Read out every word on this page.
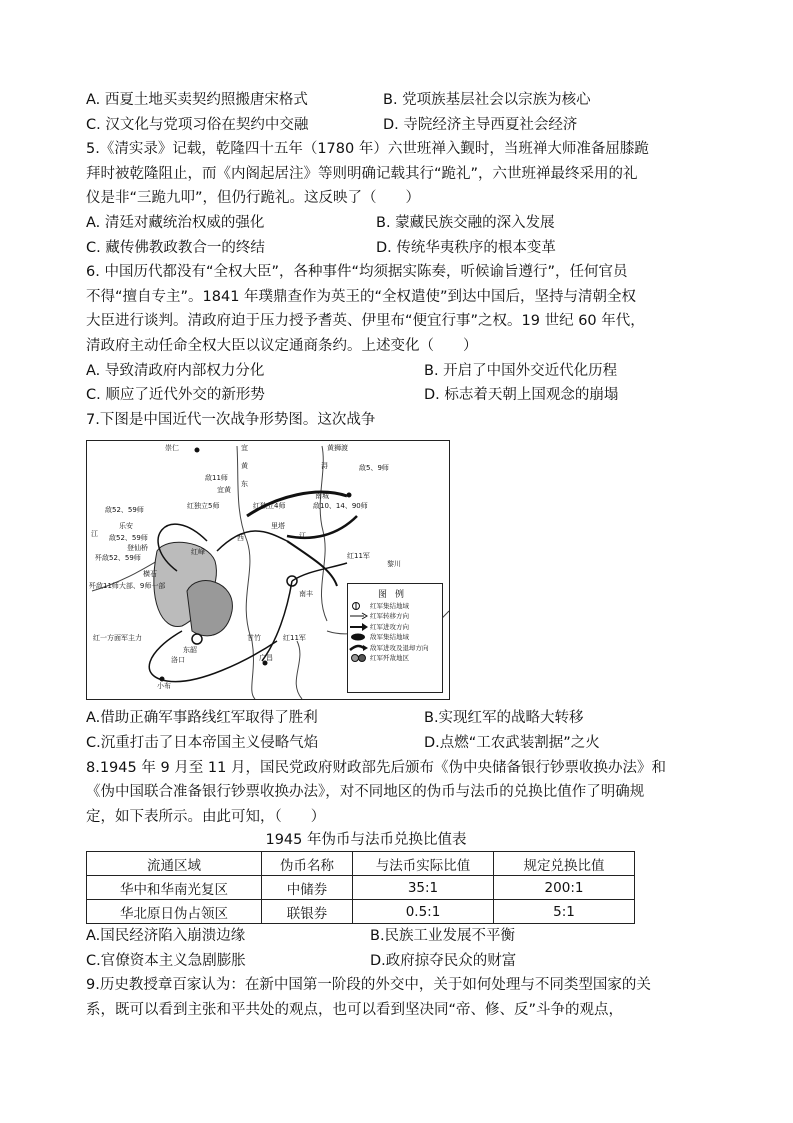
A. 西夏土地买卖契约照搬唐宋格式	B. 党项族基层社会以宗族为核心
C. 汉文化与党项习俗在契约中交融	D. 寺院经济主导西夏社会经济
5.《清实录》记载，乾隆四十五年（1780 年）六世班禅入觐时，当班禅大师准备屈膝跪
拜时被乾隆阻止，而《内阁起居注》等则明确记载其行“跪礼”，六世班禅最终采用的礼
仪是非“三跪九叩”，但仍行跪礼。这反映了（　　）
A. 清廷对藏统治权威的强化	B. 蒙藏民族交融的深入发展
C. 藏传佛教政教合一的终结	D. 传统华夷秩序的根本变革
6. 中国历代都没有“全权大臣”，各种事件“均须据实陈奏，听候谕旨遵行”，任何官员
不得“擅自专主”。1841 年璞鼎查作为英王的“全权遣使”到达中国后，坚持与清朝全权
大臣进行谈判。清政府迫于压力授予耆英、伊里布“便宜行事”之权。19 世纪 60 年代，
清政府主动任命全权大臣以议定通商条约。上述变化（　　）
A. 导致清政府内部权力分化	B. 开启了中国外交近代化历程
C. 顺应了近代外交的新形势	D. 标志着天朝上国观念的崩塌
7.下图是中国近代一次战争形势图。这次战争
崇仁	宜	黄狮渡
黄	浔	敌5、9师
敌11师
东
宜黄
南城
红独立5师	红独立4师	敌10、14、90师
敌52、59师
乐安	里塔
江 敌52、59师	江
西
登仙桥
歼敌52、59师
红峰	红11军
黎川
横石
歼敌11师大部、9师一部
南丰
红一方面军主力
东韶
甘竹	红11军
洛口	广昌
小布
图例
红军集结地域
红军转移方向
红军进攻方向
敌军集结地域
敌军进攻及退却方向
红军歼敌地区
A.借助正确军事路线红军取得了胜利	B.实现红军的战略大转移
C.沉重打击了日本帝国主义侵略气焰	D.点燃“工农武装割据”之火
8.1945 年 9 月至 11 月，国民党政府财政部先后颁布《伪中央储备银行钞票收换办法》和
《伪中国联合准备银行钞票收换办法》，对不同地区的伪币与法币的兑换比值作了明确规
定，如下表所示。由此可知，（　　）
1945 年伪币与法币兑换比值表
流通区域	伪币名称	与法币实际比值	规定兑换比值
华中和华南光复区	中储券	35:1	200:1
华北原日伪占领区	联银券	0.5:1	5:1
A.国民经济陷入崩溃边缘	B.民族工业发展不平衡
C.官僚资本主义急剧膨胀	D.政府掠夺民众的财富
9.历史教授章百家认为：在新中国第一阶段的外交中，关于如何处理与不同类型国家的关
系，既可以看到主张和平共处的观点，也可以看到坚决同“帝、修、反”斗争的观点，
